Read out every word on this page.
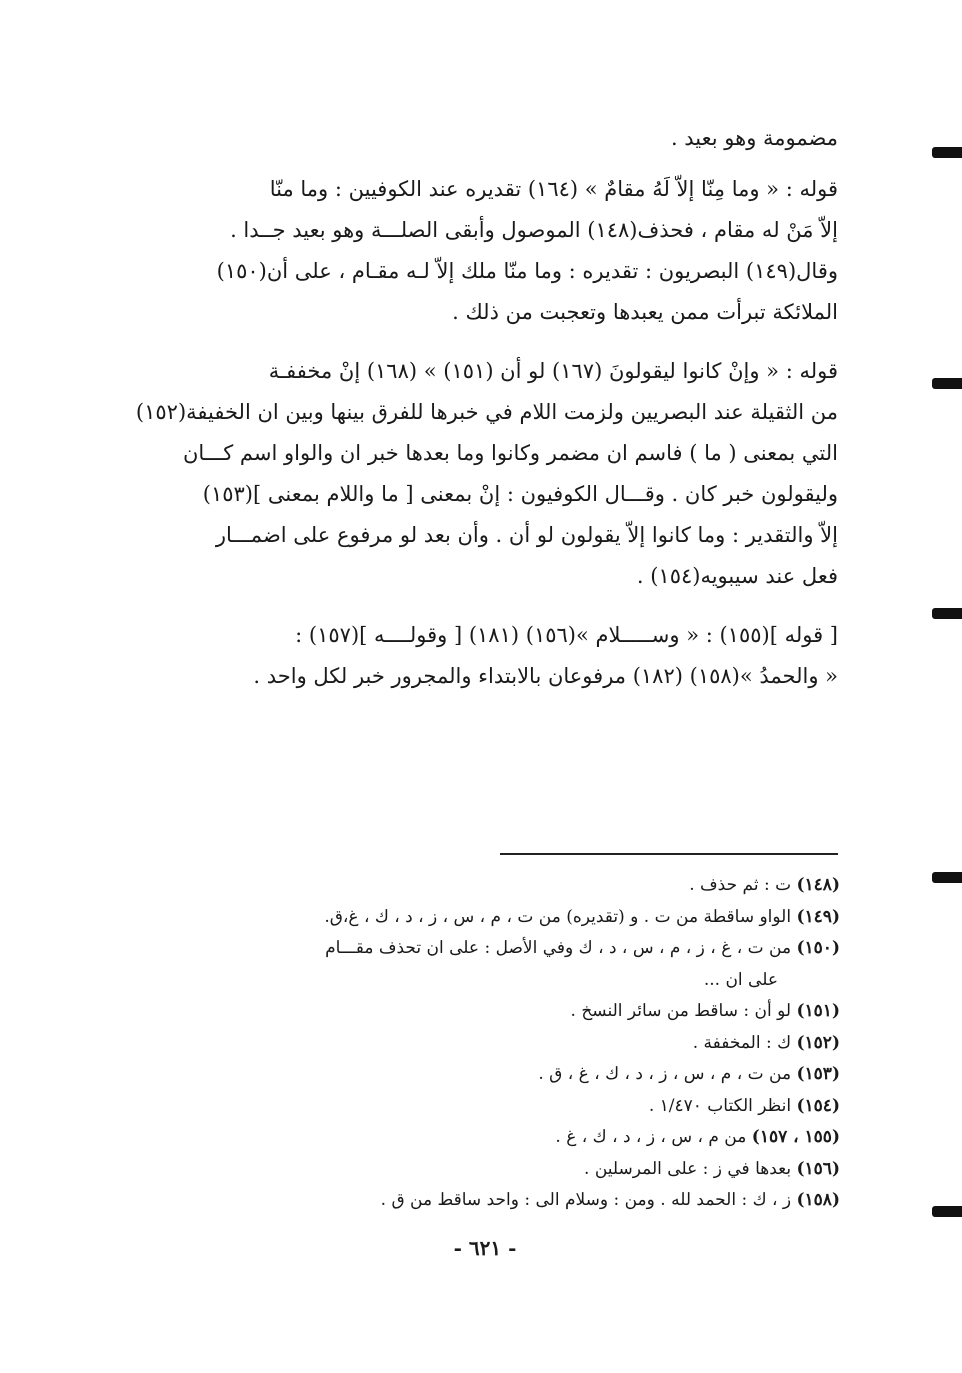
مضمومة وهو بعيد .
قوله : « وما مِنّا إلاّ لَهُ مقامٌ » (١٦٤) تقديره عند الكوفيين : وما منّا
إلاّ مَنْ له مقام ، فحذف(١٤٨) الموصول وأبقى الصلـــة وهو بعيد جــدا .
وقال(١٤٩) البصريون : تقديره : وما منّا ملك إلاّ لـه مقـام ، على أن(١٥٠)
الملائكة تبرأت ممن يعبدها وتعجبت من ذلك .
قوله : « وإنْ كانوا ليقولونَ (١٦٧) لو أن (١٥١) » (١٦٨) إنْ مخففـة
من الثقيلة عند البصريين ولزمت اللام في خبرها للفرق بينها وبين ان الخفيفة(١٥٢)
التي بمعنى ( ما ) فاسم ان مضمر وكانوا وما بعدها خبر ان والواو اسم كـــان
وليقولون خبر كان . وقـــال الكوفيون : إنْ بمعنى [ ما واللام بمعنى ](١٥٣)
إلاّ والتقدير : وما كانوا إلاّ يقولون لو أن . وأن بعد لو مرفوع على اضمـــار
فعل عند سيبويه(١٥٤) .
[ قوله ](١٥٥) : « وســـــلام »(١٥٦) (١٨١) [ وقولــــه ](١٥٧) :
« والحمدُ »(١٥٨) (١٨٢) مرفوعان بالابتداء والمجرور خبر لكل واحد .
(١٤٨) ت : ثم حذف .
(١٤٩) الواو ساقطة من ت . و (تقديره) من ت ، م ، س ، ز ، د ، ك ، غ،ق.
(١٥٠) من ت ، غ ، ز ، م ، س ، د ، ك وفي الأصل : على ان تحذف مقـــام
على ان ...
(١٥١) لو أن : ساقط من سائر النسخ .
(١٥٢) ك : المخففة .
(١٥٣) من ت ، م ، س ، ز ، د ، ك ، غ ، ق .
(١٥٤) انظر الكتاب ١/٤٧٠ .
(١٥٥ ، ١٥٧) من م ، س ، ز ، د ، ك ، غ .
(١٥٦) بعدها في ز : على المرسلين .
(١٥٨) ز ، ك : الحمد لله . ومن : وسلام الى : واحد ساقط من ق .
- ٦٢١ -
